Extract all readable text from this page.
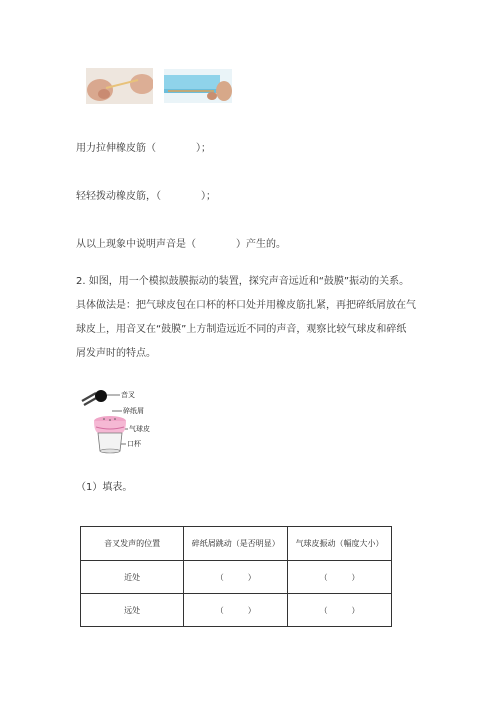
用力拉伸橡皮筋（　　　　）；
轻轻拨动橡皮筋，（　　　　）；
从以上现象中说明声音是（　　　　）产生的。
2. 如图，用一个模拟鼓膜振动的装置，探究声音远近和“鼓膜”振动的关系。
具体做法是：把气球皮包在口杯的杯口处并用橡皮筋扎紧，再把碎纸屑放在气
球皮上，用音叉在“鼓膜”上方制造远近不同的声音，观察比较气球皮和碎纸
屑发声时的特点。
音叉
碎纸屑
气球皮
口杯
（1）填表。
音叉发声的位置	碎纸屑跳动（是否明显）	气球皮振动（幅度大小）
近处	（　　　）	（　　　）
远处	（　　　）	（　　　）
